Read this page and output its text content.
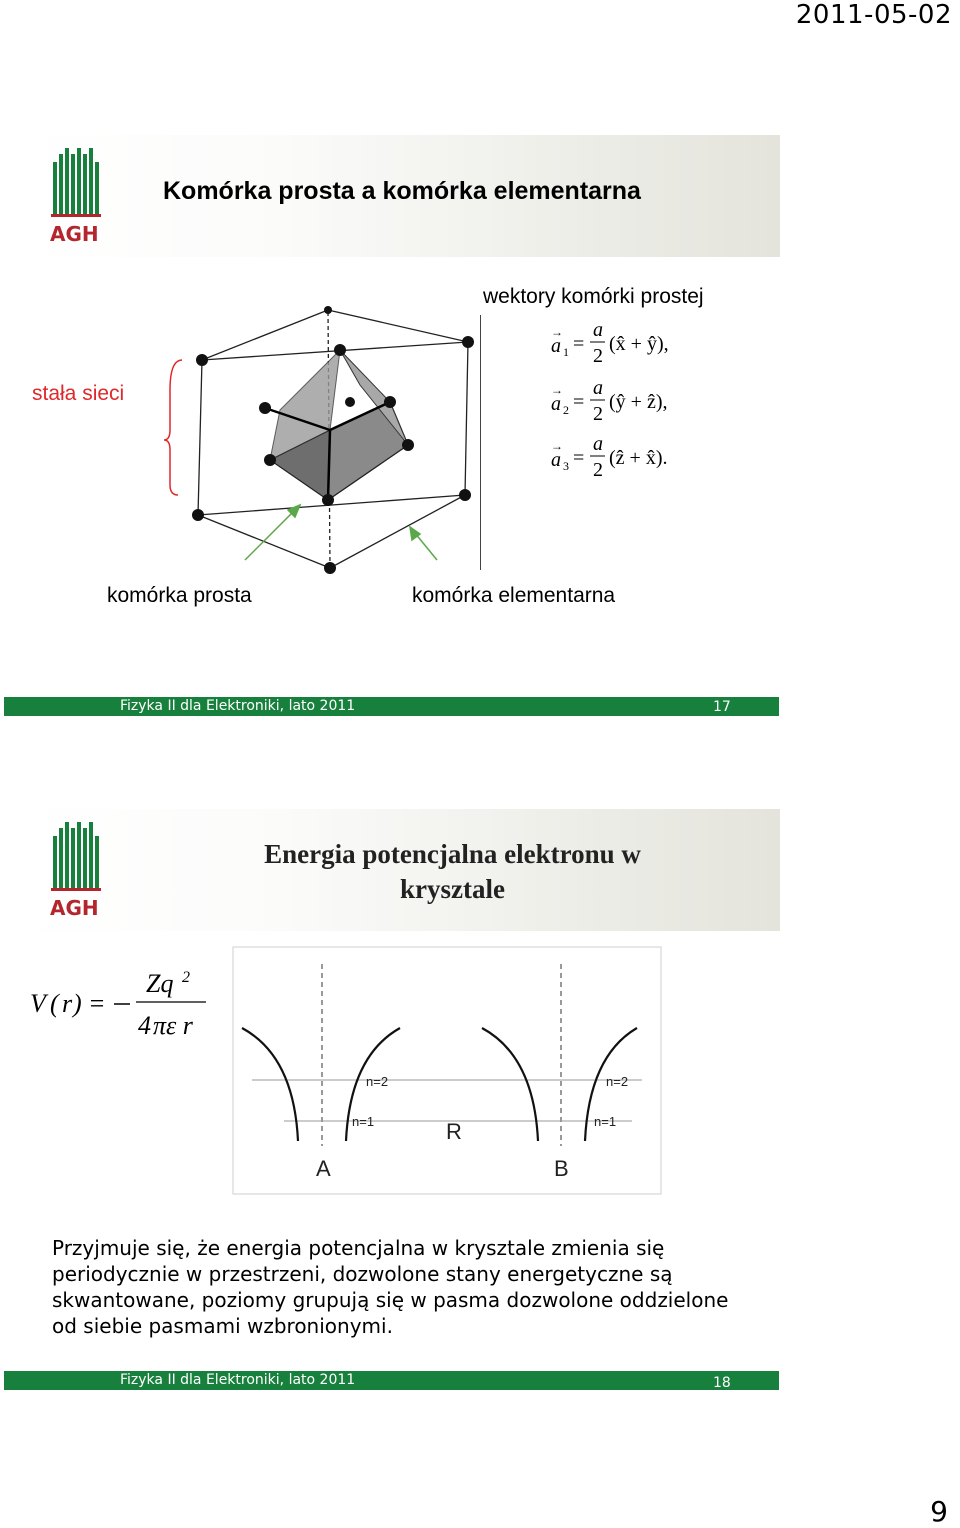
2011-05-02
AGH
Komórka prosta a komórka elementarna
wektory komórki prostej
stała sieci
a
a
a
1
2
3
→
→
→
=
=
=
a
2
a
2
a
2
(x̂ + ŷ),
(ŷ + ẑ),
(ẑ + x̂).
komórka prosta	komórka elementarna
Fizyka II dla Elektroniki, lato 2011	17
AGH
Energia potencjalna elektronu w
krysztale
V ( r ) =
Zq 2
4 πε r
n=2	n=2
n=1	n=1
R
A	B
Przyjmuje się, że energia potencjalna w krysztale zmienia się periodycznie w przestrzeni, dozwolone stany energetyczne są skwantowane, poziomy grupują się w pasma dozwolone oddzielone od siebie pasmami wzbronionymi.
Fizyka II dla Elektroniki, lato 2011	18
9
